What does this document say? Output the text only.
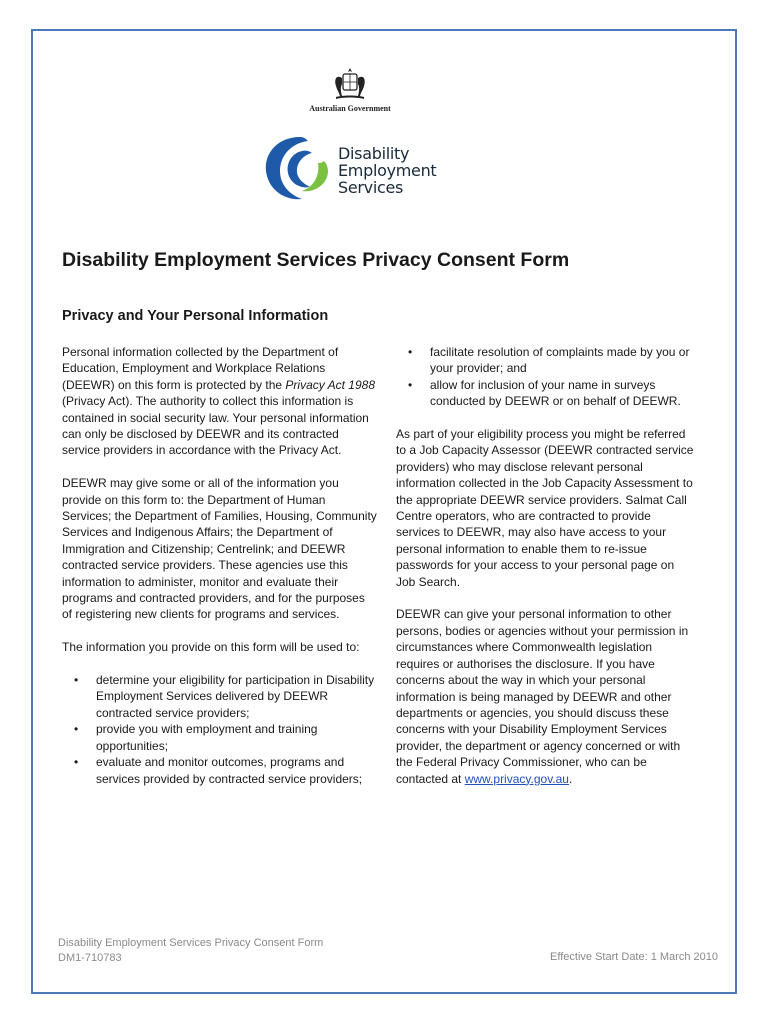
Australian Government
Disability
Employment
Services
Disability Employment Services Privacy Consent Form
Privacy and Your Personal Information

Personal information collected by the Department of Education, Employment and Workplace Relations (DEEWR) on this form is protected by the Privacy Act 1988 (Privacy Act). The authority to collect this information is contained in social security law. Your personal information can only be disclosed by DEEWR and its contracted service providers in accordance with the Privacy Act.

DEEWR may give some or all of the information you provide on this form to: the Department of Human Services; the Department of Families, Housing, Community Services and Indigenous Affairs; the Department of Immigration and Citizenship; Centrelink; and DEEWR contracted service providers. These agencies use this information to administer, monitor and evaluate their programs and contracted providers, and for the purposes of registering new clients for programs and services.

The information you provide on this form will be used to:

• determine your eligibility for participation in Disability Employment Services delivered by DEEWR contracted service providers;
• provide you with employment and training opportunities;
• evaluate and monitor outcomes, programs and services provided by contracted service providers;
• facilitate resolution of complaints made by you or your provider; and
• allow for inclusion of your name in surveys conducted by DEEWR or on behalf of DEEWR.

As part of your eligibility process you might be referred to a Job Capacity Assessor (DEEWR contracted service providers) who may disclose relevant personal information collected in the Job Capacity Assessment to the appropriate DEEWR service providers. Salmat Call Centre operators, who are contracted to provide services to DEEWR, may also have access to your personal information to enable them to re-issue passwords for your access to your personal page on Job Search.

DEEWR can give your personal information to other persons, bodies or agencies without your permission in circumstances where Commonwealth legislation requires or authorises the disclosure. If you have concerns about the way in which your personal information is being managed by DEEWR and other departments or agencies, you should discuss these concerns with your Disability Employment Services provider, the department or agency concerned or with the Federal Privacy Commissioner, who can be contacted at www.privacy.gov.au.

Disability Employment Services Privacy Consent Form
DM1-710783	Effective Start Date: 1 March 2010
